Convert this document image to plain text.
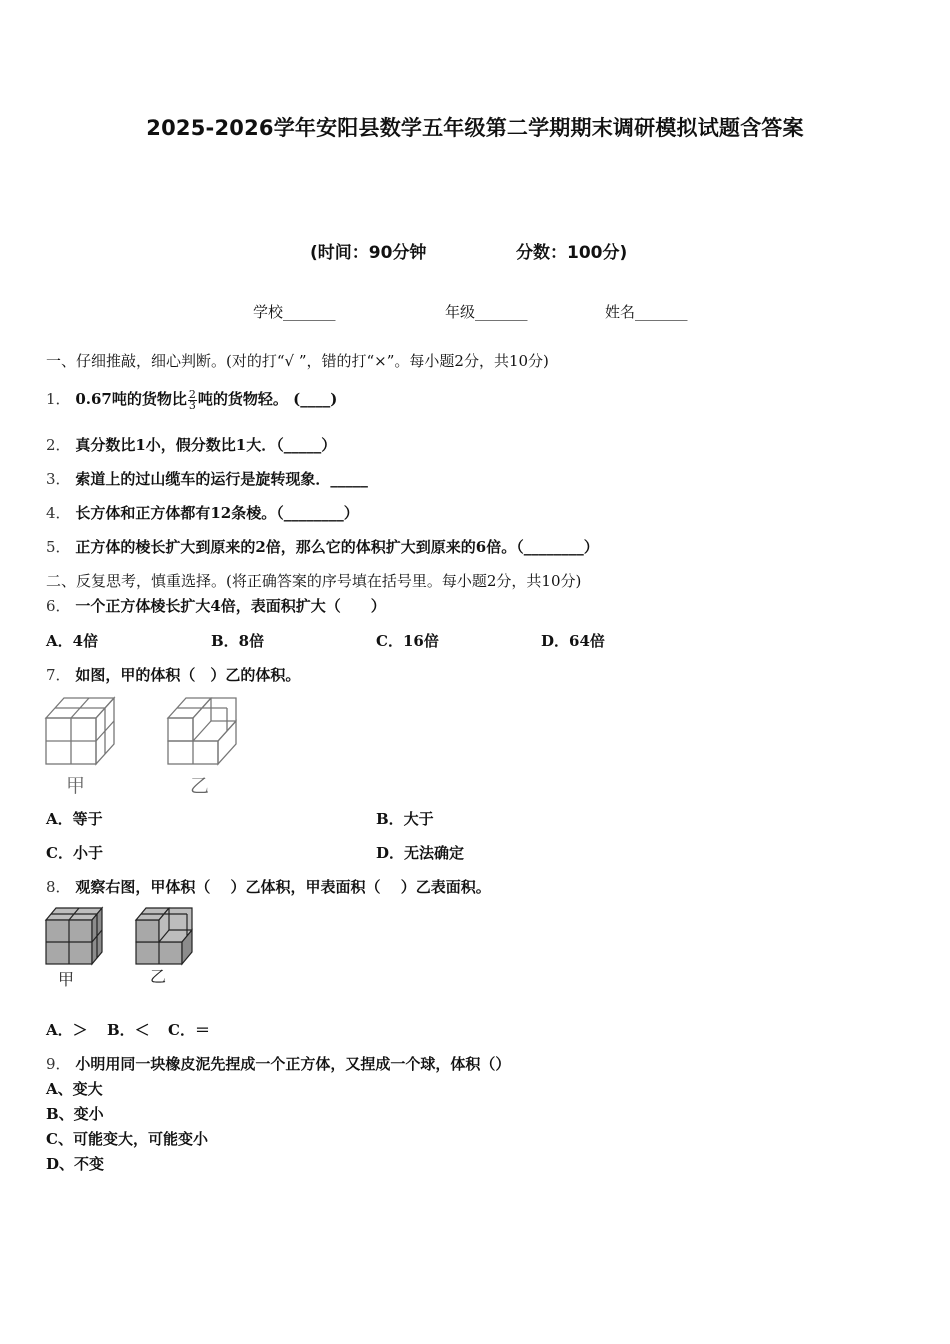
2025-2026学年安阳县数学五年级第二学期期末调研模拟试题含答案
(时间：90分钟	分数：100分)
学校_______	年级_______	姓名_______
一、仔细推敲，细心判断。(对的打“√ ”，错的打“×”。每小题2分，共10分)
1． 0.67吨的货物比 $\frac{2}{3}$ 吨的货物轻。 (____)
2． 真分数比1小，假分数比1大．（_____）
3． 索道上的过山缆车的运行是旋转现象．_____
4． 长方体和正方体都有12条棱。（________）
5． 正方体的棱长扩大到原来的2倍，那么它的体积扩大到原来的6倍。（________）
二、反复思考，慎重选择。(将正确答案的序号填在括号里。每小题2分，共10分)
6． 一个正方体棱长扩大4倍，表面积扩大（　　）
A．4倍	B．8倍	C．16倍	D．64倍
7． 如图，甲的体积（　）乙的体积。
甲	乙
A．等于	B．大于
C．小于	D．无法确定
8． 观察右图，甲体积（　 ）乙体积，甲表面积（　 ）乙表面积。
甲	乙
A．＞ B．＜ C．＝
9． 小明用同一块橡皮泥先捏成一个正方体，又捏成一个球，体积（）
A、变大
B、变小
C、可能变大，可能变小
D、不变
